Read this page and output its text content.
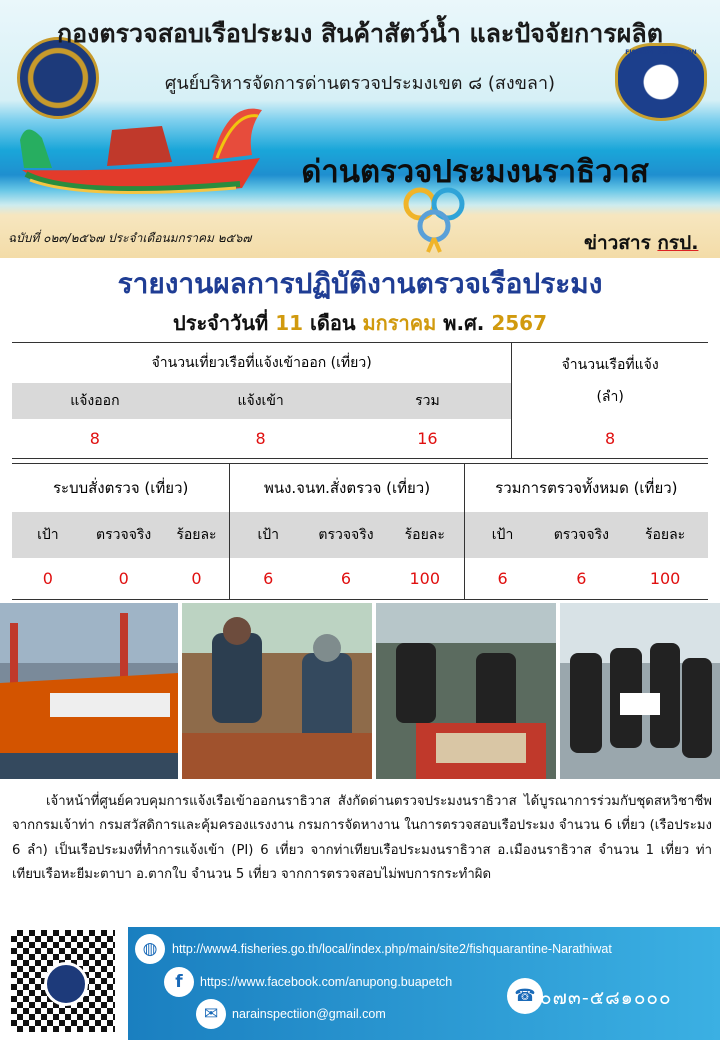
FISHERY INSPECTION
กองตรวจสอบเรือประมง สินค้าสัตว์น้ำ และปัจจัยการผลิต
ศูนย์บริหารจัดการด่านตรวจประมงเขต ๘ (สงขลา)
ด่านตรวจประมงนราธิวาส
ฉบับที่ ๐๒๓/๒๕๖๗ ประจำเดือนมกราคม ๒๕๖๗	ข่าวสาร กรป.
รายงานผลการปฏิบัติงานตรวจเรือประมง
ประจำวันที่ 11 เดือน มกราคม พ.ศ. 2567
จำนวนเที่ยวเรือที่แจ้งเข้าออก (เที่ยว)			จำนวนเรือที่แจ้ง
(ลำ)

แจ้งออก	แจ้งเข้า	รวม	
8	8	16	8
ระบบสั่งตรวจ (เที่ยว)			พนง.จนท.สั่งตรวจ (เที่ยว)			รวมการตรวจทั้งหมด (เที่ยว)		
เป้า	ตรวจจริง	ร้อยละ	เป้า	ตรวจจริง	ร้อยละ	เป้า	ตรวจจริง	ร้อยละ
0	0	0	6	6	100	6	6	100
เจ้าหน้าที่ศูนย์ควบคุมการแจ้งเรือเข้าออกนราธิวาส สังกัดด่านตรวจประมงนราธิวาส ได้บูรณาการร่วมกับชุดสหวิชาชีพ จากกรมเจ้าท่า กรมสวัสดิการและคุ้มครองแรงงาน กรมการจัดหางาน ในการตรวจสอบเรือประมง จำนวน 6 เที่ยว (เรือประมง 6 ลำ) เป็นเรือประมงที่ทำการแจ้งเข้า (PI) 6 เที่ยว จากท่าเทียบเรือประมงนราธิวาส อ.เมืองนราธิวาส จำนวน 1 เที่ยว ท่าเทียบเรือหะยีมะตาบา อ.ตากใบ จำนวน 5 เที่ยว จากการตรวจสอบไม่พบการกระทำผิด
◍	http://www4.fisheries.go.th/local/index.php/main/site2/fishquarantine-Narathiwat
f	https://www.facebook.com/anupong.buapetch
✉	narainspectiion@gmail.com
☎ ๐๗๓-๕๘๑๐๐๐
